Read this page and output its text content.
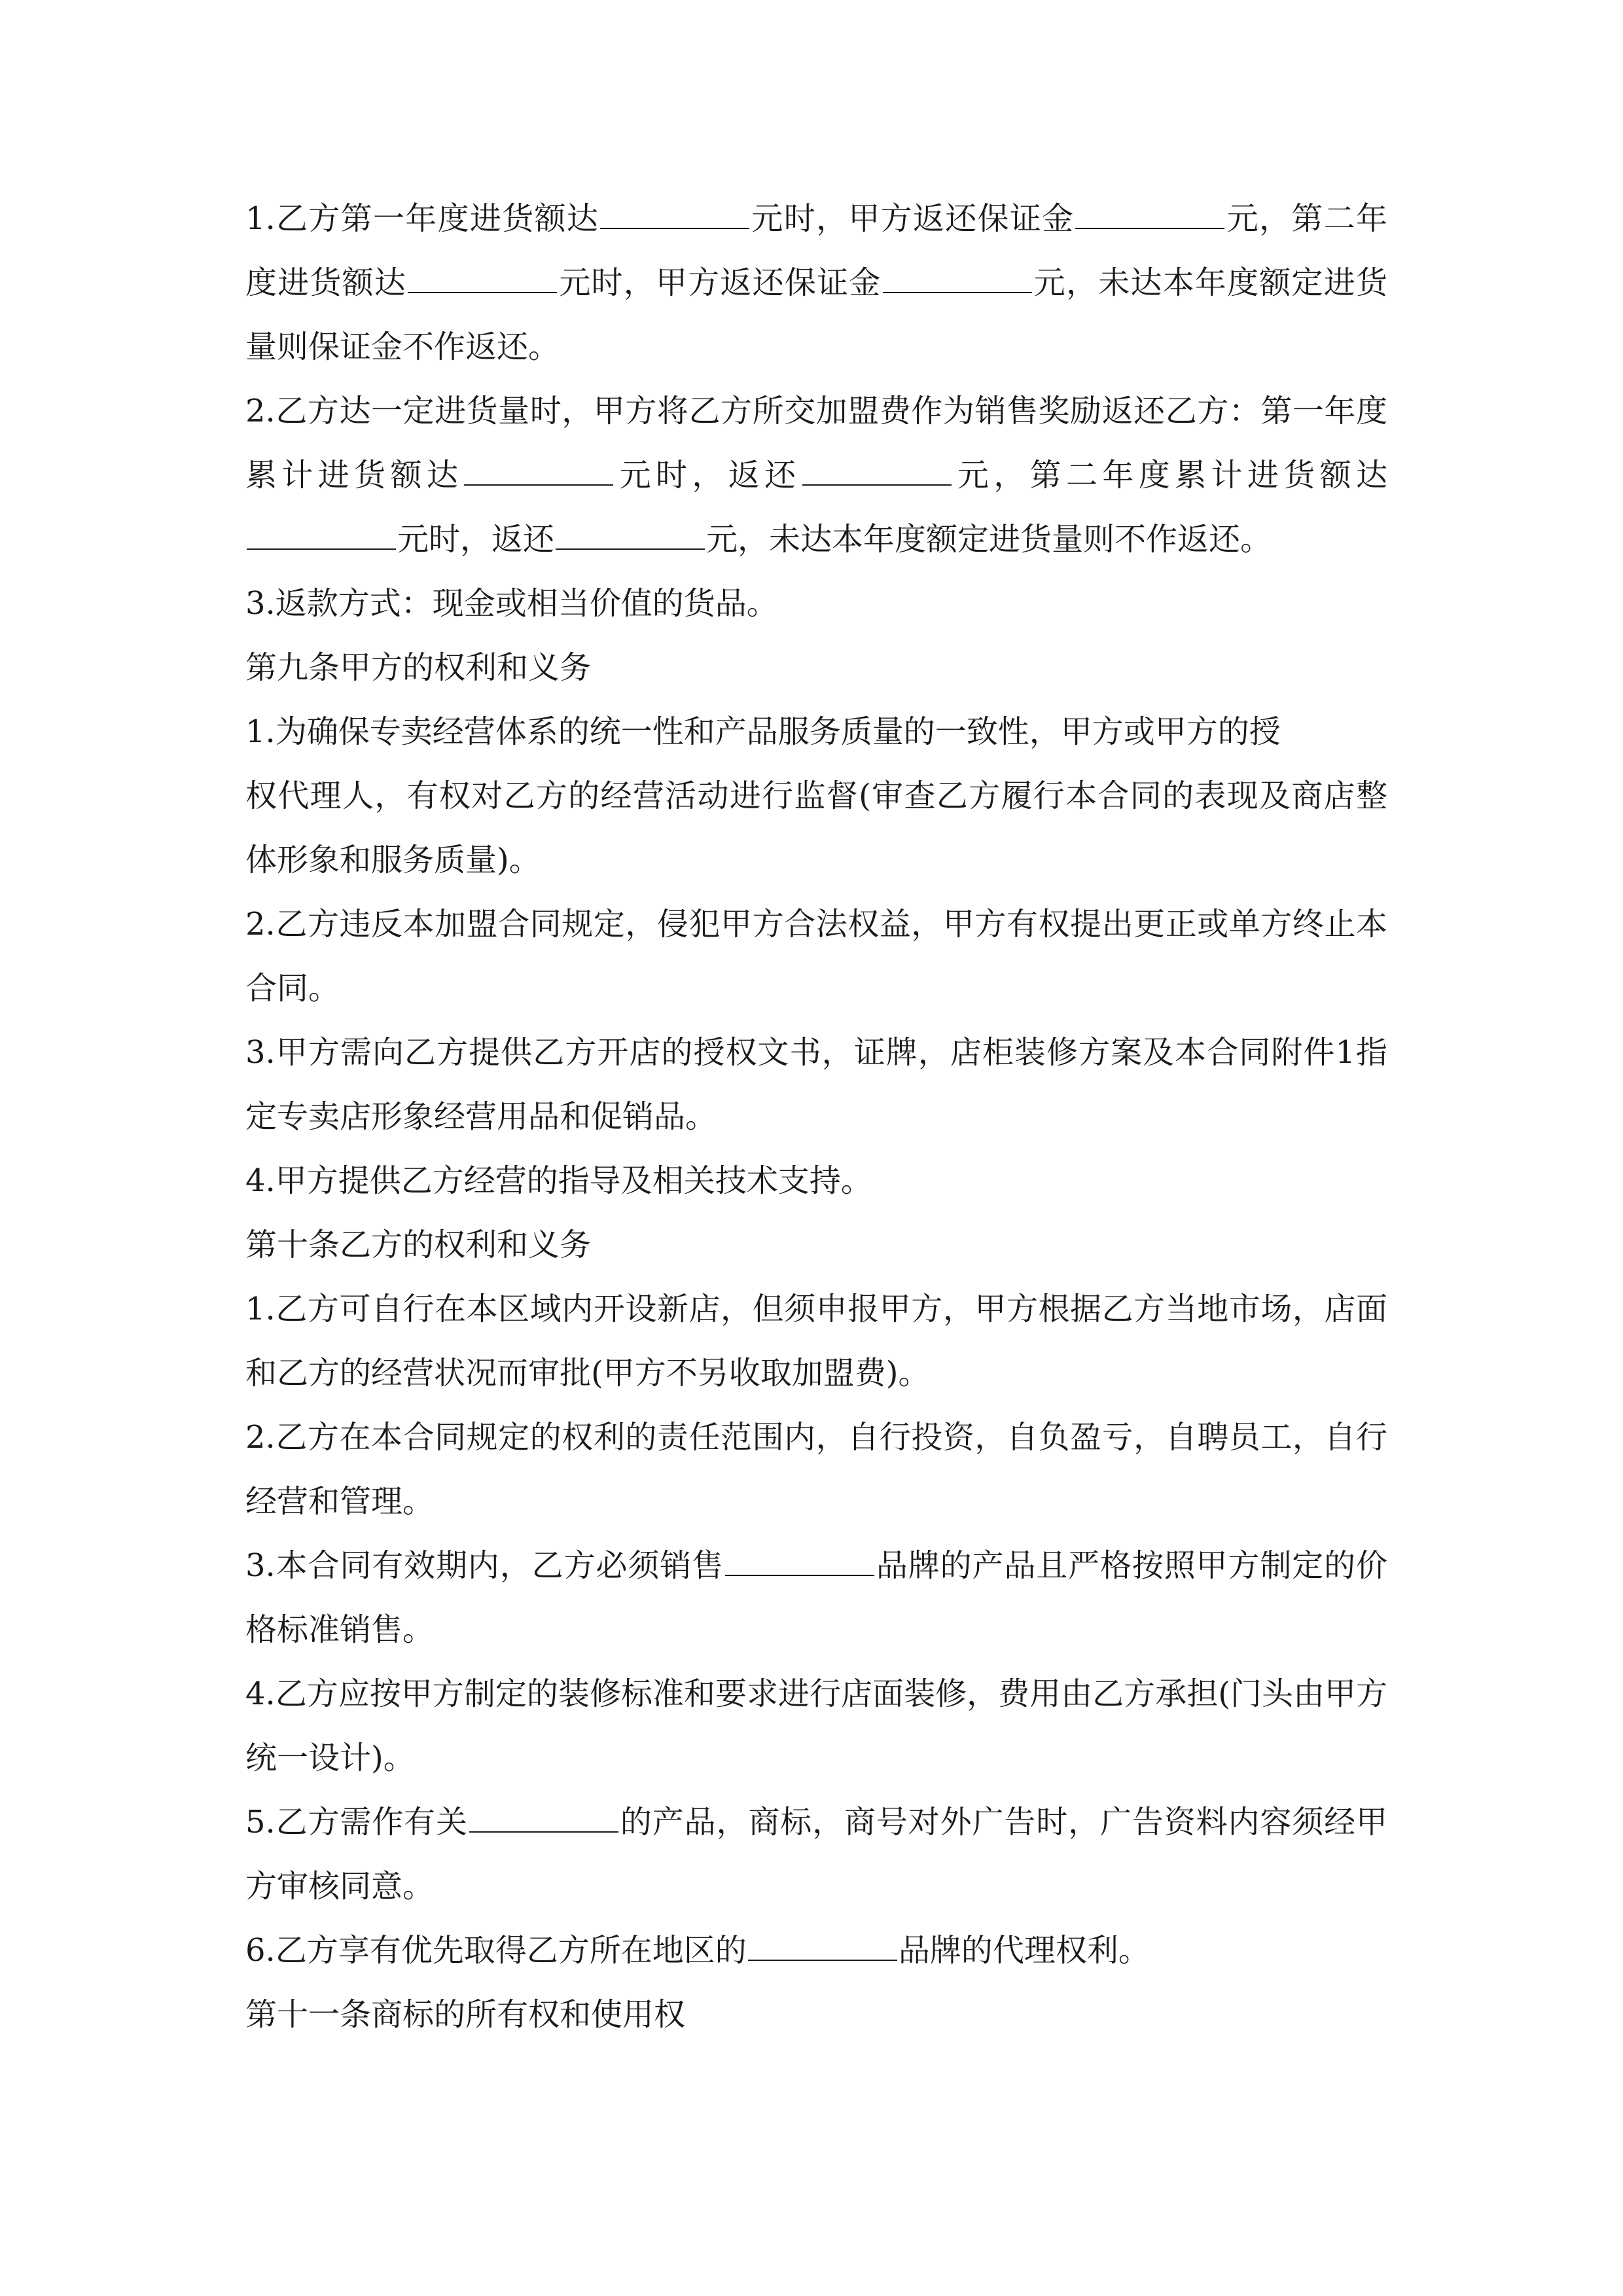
1.乙方第一年度进货额达	元时，甲方返还保证金	元，第二年度进货额达	元时，甲方返还保证金	元，未达本年度额定进货量则保证金不作返还。

2.乙方达一定进货量时，甲方将乙方所交加盟费作为销售奖励返还乙方：第一年度累计进货额达	元时，返还	元，第二年度累计进货额达元时，返还	元，未达本年度额定进货量则不作返还。

3.返款方式：现金或相当价值的货品。

第九条甲方的权利和义务

1.为确保专卖经营体系的统一性和产品服务质量的一致性，甲方或甲方的授

权代理人，有权对乙方的经营活动进行监督(审查乙方履行本合同的表现及商店整体形象和服务质量)。

2.乙方违反本加盟合同规定，侵犯甲方合法权益，甲方有权提出更正或单方终止本合同。

3.甲方需向乙方提供乙方开店的授权文书，证牌，店柜装修方案及本合同附件1指定专卖店形象经营用品和促销品。

4.甲方提供乙方经营的指导及相关技术支持。

第十条乙方的权利和义务

1.乙方可自行在本区域内开设新店，但须申报甲方，甲方根据乙方当地市场，店面和乙方的经营状况而审批(甲方不另收取加盟费)。

2.乙方在本合同规定的权利的责任范围内，自行投资，自负盈亏，自聘员工，自行经营和管理。

3.本合同有效期内，乙方必须销售	品牌的产品且严格按照甲方制定的价格标准销售。

4.乙方应按甲方制定的装修标准和要求进行店面装修，费用由乙方承担(门头由甲方统一设计)。

5.乙方需作有关	的产品，商标，商号对外广告时，广告资料内容须经甲方审核同意。

6.乙方享有优先取得乙方所在地区的	品牌的代理权利。

第十一条商标的所有权和使用权
